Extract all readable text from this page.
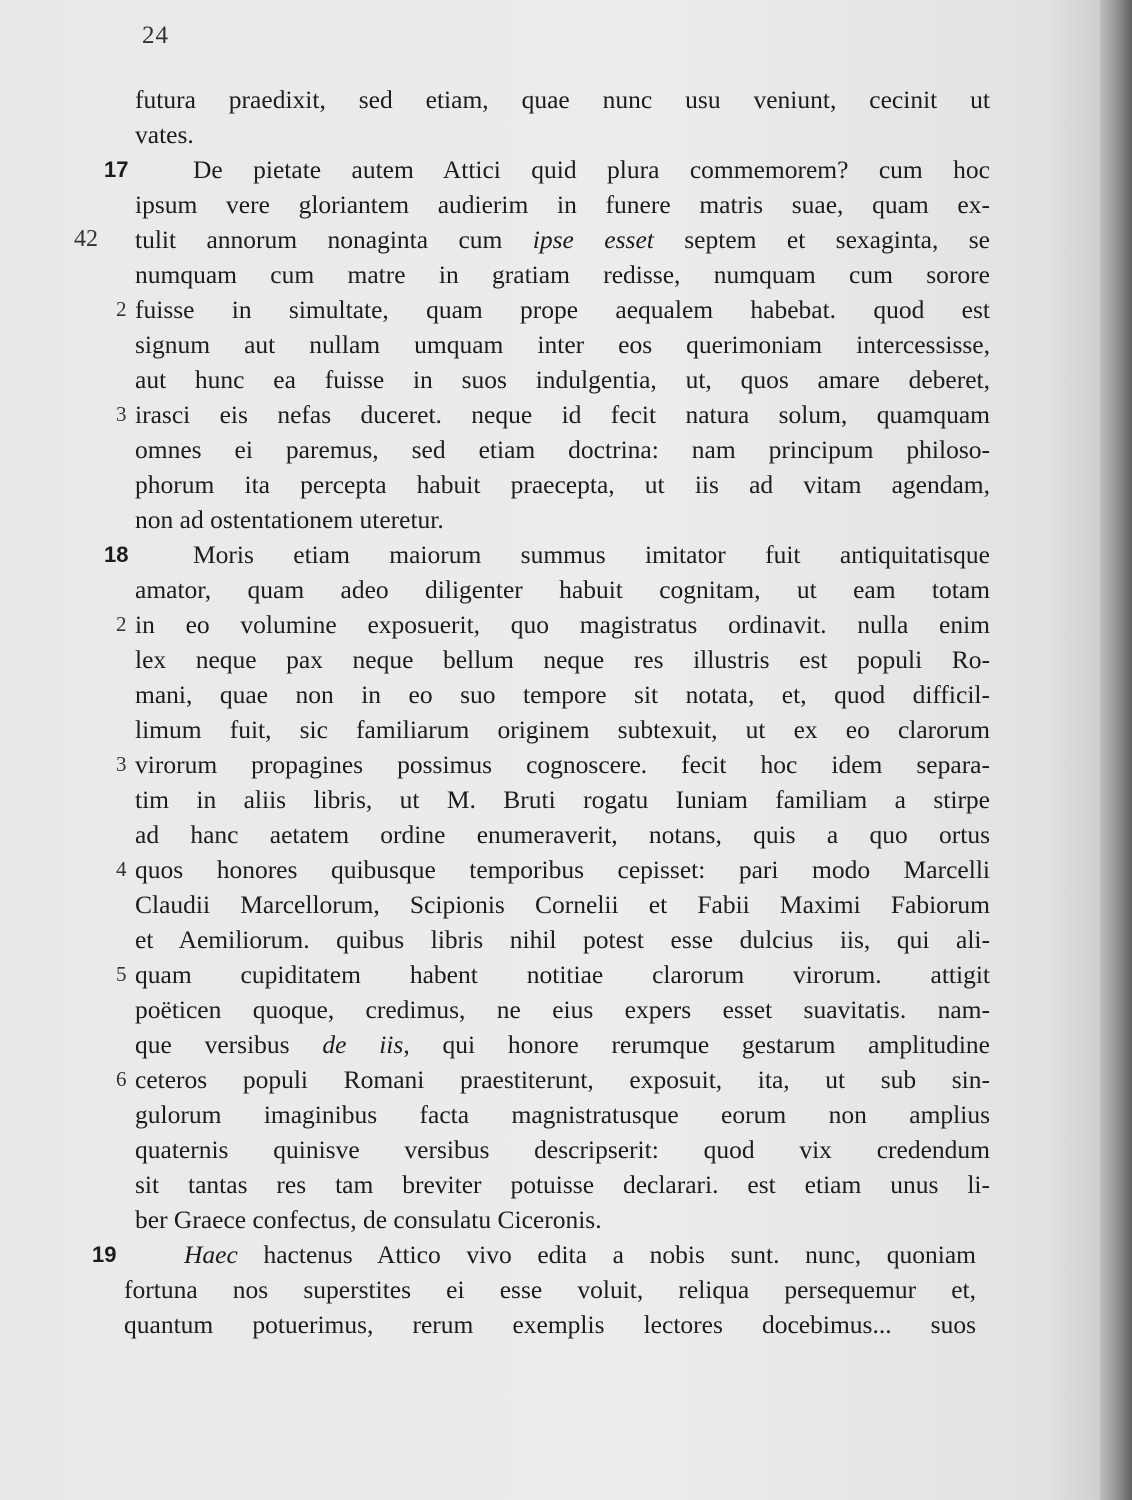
24
futura praedixit, sed etiam, quae nunc usu veniunt, cecinit ut
vates.
17	De pietate autem Attici quid plura commemorem? cum hoc
ipsum vere gloriantem audierim in funere matris suae, quam ex-
42 tulit annorum nonaginta cum ipse esset septem et sexaginta, se
numquam cum matre in gratiam redisse, numquam cum sorore
2 fuisse in simultate, quam prope aequalem habebat. quod est
signum aut nullam umquam inter eos querimoniam intercessisse,
aut hunc ea fuisse in suos indulgentia, ut, quos amare deberet,
3 irasci eis nefas duceret. neque id fecit natura solum, quamquam
omnes ei paremus, sed etiam doctrina: nam principum philoso-
phorum ita percepta habuit praecepta, ut iis ad vitam agendam,
non ad ostentationem uteretur.
18	Moris etiam maiorum summus imitator fuit antiquitatisque
amator, quam adeo diligenter habuit cognitam, ut eam totam
2 in eo volumine exposuerit, quo magistratus ordinavit. nulla enim
lex neque pax neque bellum neque res illustris est populi Ro-
mani, quae non in eo suo tempore sit notata, et, quod difficil-
limum fuit, sic familiarum originem subtexuit, ut ex eo clarorum
3 virorum propagines possimus cognoscere. fecit hoc idem separa-
tim in aliis libris, ut M. Bruti rogatu Iuniam familiam a stirpe
ad hanc aetatem ordine enumeraverit, notans, quis a quo ortus
4 quos honores quibusque temporibus cepisset: pari modo Marcelli
Claudii Marcellorum, Scipionis Cornelii et Fabii Maximi Fabiorum
et Aemiliorum. quibus libris nihil potest esse dulcius iis, qui ali-
5 quam cupiditatem habent notitiae clarorum virorum. attigit
poëticen quoque, credimus, ne eius expers esset suavitatis. nam-
que versibus de iis, qui honore rerumque gestarum amplitudine
6 ceteros populi Romani praestiterunt, exposuit, ita, ut sub sin-
gulorum imaginibus facta magnistratusque eorum non amplius
quaternis quinisve versibus descripserit: quod vix credendum
sit tantas res tam breviter potuisse declarari. est etiam unus li-
ber Graece confectus, de consulatu Ciceronis.
19	Haec hactenus Attico vivo edita a nobis sunt. nunc, quoniam
fortuna nos superstites ei esse voluit, reliqua persequemur et,
quantum potuerimus, rerum exemplis lectores docebimus... suos
